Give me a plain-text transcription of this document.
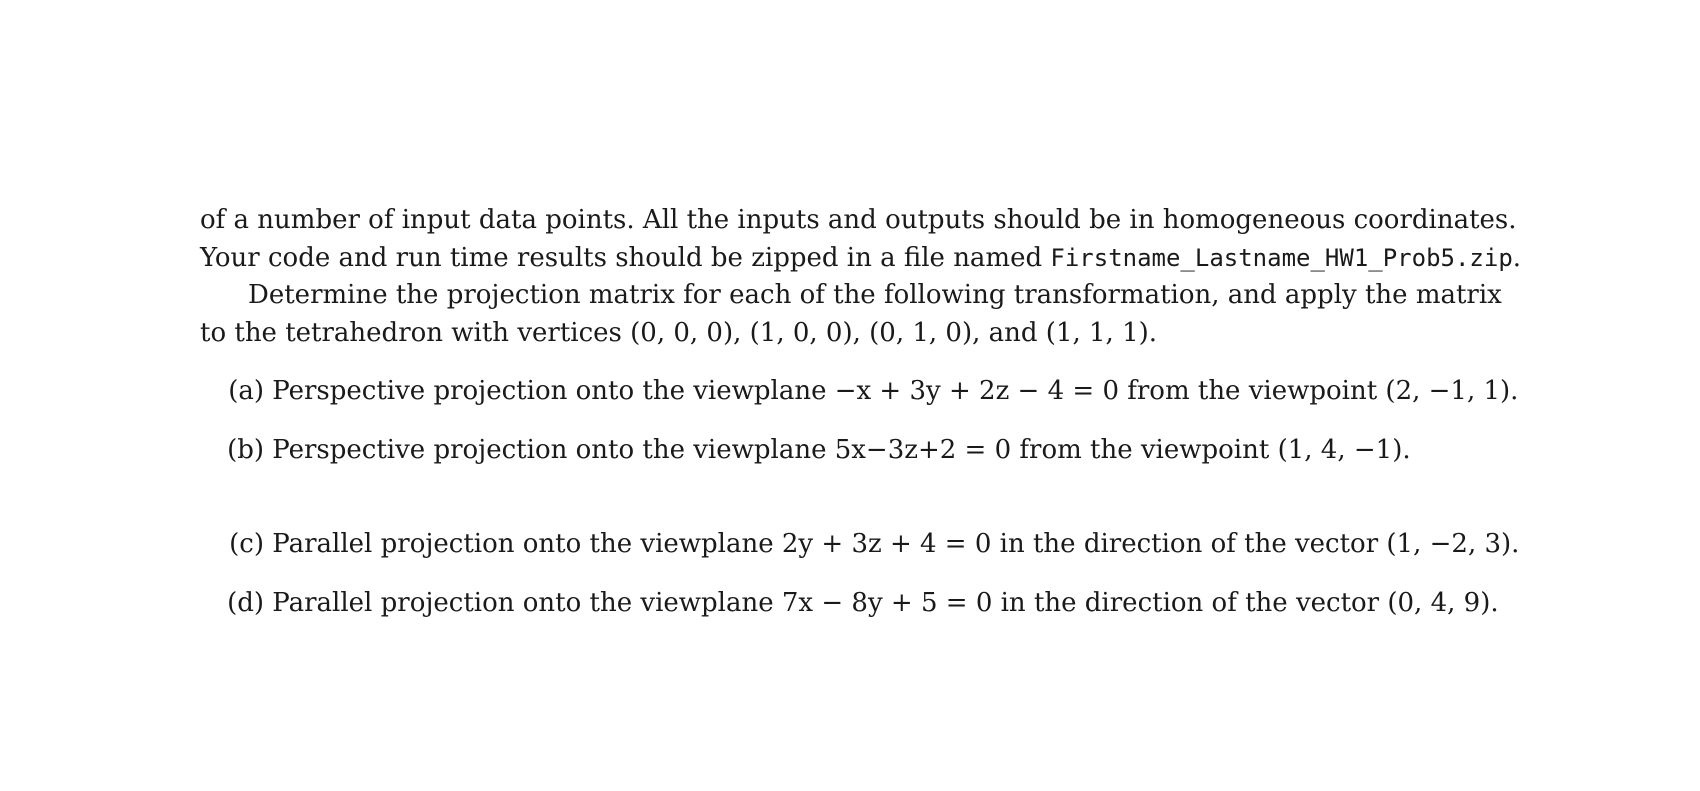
of a number of input data points. All the inputs and outputs should be in homogeneous coordinates.
Your code and run time results should be zipped in a file named Firstname_Lastname_HW1_Prob5.zip.
Determine the projection matrix for each of the following transformation, and apply the matrix
to the tetrahedron with vertices (0, 0, 0), (1, 0, 0), (0, 1, 0), and (1, 1, 1).
(a) Perspective projection onto the viewplane −x + 3y + 2z − 4 = 0 from the viewpoint (2, −1, 1).
(b) Perspective projection onto the viewplane 5x−3z+2 = 0 from the viewpoint (1, 4, −1).
(c) Parallel projection onto the viewplane 2y + 3z + 4 = 0 in the direction of the vector (1, −2, 3).
(d) Parallel projection onto the viewplane 7x − 8y + 5 = 0 in the direction of the vector (0, 4, 9).
